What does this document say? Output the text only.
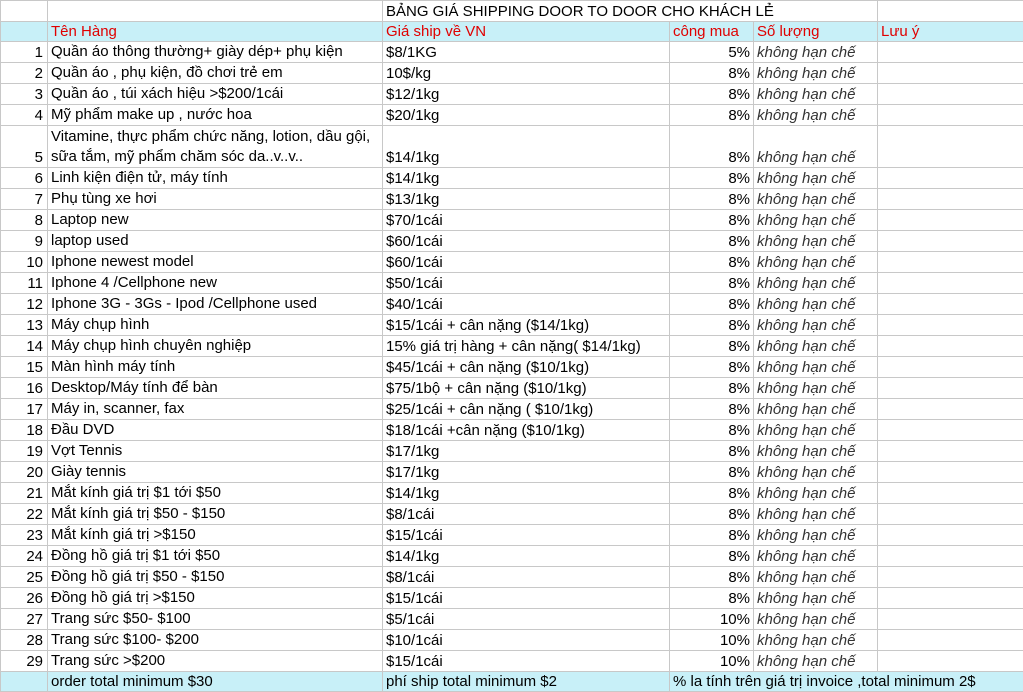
		BẢNG GIÁ SHIPPING DOOR TO DOOR CHO KHÁCH LẺ			
	Tên Hàng	Giá ship về VN	công mua	Số lượng	Lưu ý
1	Quần áo thông thường+ giày dép+ phụ kiện	$8/1KG	5%	không hạn chế	
2	Quần áo , phụ kiện, đồ chơi trẻ em	10$/kg	8%	không hạn chế	
3	Quần áo , túi xách hiệu >$200/1cái	$12/1kg	8%	không hạn chế	
4	Mỹ phẩm make up , nước hoa	$20/1kg	8%	không hạn chế	
5	Vitamine, thực phẩm chức năng, lotion, dầu gội, sữa tắm, mỹ phẩm chăm sóc da..v..v..	$14/1kg	8%	không hạn chế	
6	Linh kiện điện tử, máy tính	$14/1kg	8%	không hạn chế	
7	Phụ tùng xe hơi	$13/1kg	8%	không hạn chế	
8	Laptop new	$70/1cái	8%	không hạn chế	
9	laptop used	$60/1cái	8%	không hạn chế	
10	Iphone newest model	$60/1cái	8%	không hạn chế	
11	Iphone 4 /Cellphone new	$50/1cái	8%	không hạn chế	
12	Iphone 3G - 3Gs - Ipod /Cellphone used	$40/1cái	8%	không hạn chế	
13	Máy chụp hình	$15/1cái + cân nặng ($14/1kg)	8%	không hạn chế	
14	Máy chụp hình chuyên nghiệp	15% giá trị hàng + cân nặng( $14/1kg)	8%	không hạn chế	
15	Màn hình máy tính	$45/1cái + cân nặng ($10/1kg)	8%	không hạn chế	
16	Desktop/Máy tính để bàn	$75/1bộ + cân nặng ($10/1kg)	8%	không hạn chế	
17	Máy in, scanner, fax	$25/1cái + cân nặng ( $10/1kg)	8%	không hạn chế	
18	Đầu DVD	$18/1cái +cân nặng ($10/1kg)	8%	không hạn chế	
19	Vợt Tennis	$17/1kg	8%	không hạn chế	
20	Giày tennis	$17/1kg	8%	không hạn chế	
21	Mắt kính giá trị $1 tới $50	$14/1kg	8%	không hạn chế	
22	Mắt kính giá trị $50 - $150	$8/1cái	8%	không hạn chế	
23	Mắt kính giá trị >$150	$15/1cái	8%	không hạn chế	
24	Đồng hồ giá trị $1 tới $50	$14/1kg	8%	không hạn chế	
25	Đồng hồ giá trị $50 - $150	$8/1cái	8%	không hạn chế	
26	Đồng hồ giá trị >$150	$15/1cái	8%	không hạn chế	
27	Trang sức $50- $100	$5/1cái	10%	không hạn chế	
28	Trang sức $100- $200	$10/1cái	10%	không hạn chế	
29	Trang sức >$200	$15/1cái	10%	không hạn chế	
	order total minimum $30	phí ship total minimum $2	% la tính trên giá trị invoice ,total minimum 2$		
